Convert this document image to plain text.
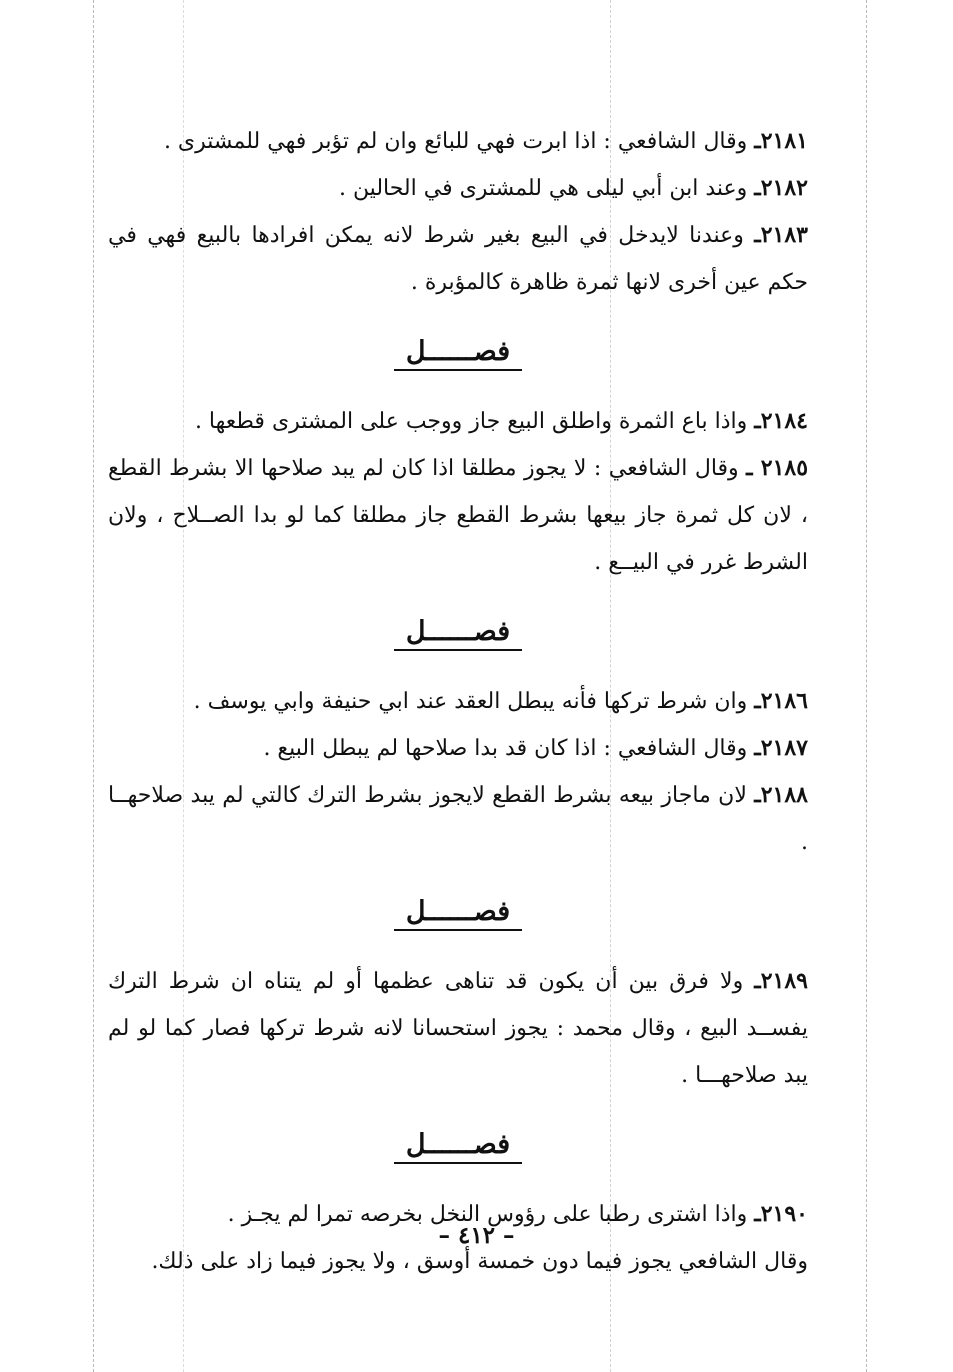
٢١٨١ـ وقال الشافعي : اذا ابرت فهي للبائع وان لم تؤبر فهي للمشترى .

٢١٨٢ـ وعند ابن أبي ليلى هي للمشترى في الحالين .

٢١٨٣ـ وعندنا لايدخل في البيع بغير شرط لانه يمكن افرادها بالبيع فهي في حكم عين أخرى لانها ثمرة ظاهرة كالمؤبرة .

فصــــــل

٢١٨٤ـ واذا باع الثمرة واطلق البيع جاز ووجب على المشترى قطعها .

٢١٨٥ ـ وقال الشافعي : لا يجوز مطلقا اذا كان لم يبد صلاحها الا بشرط القطع ، لان كل ثمرة جاز بيعها بشرط القطع جاز مطلقا كما لو بدا الصــلاح ، ولان الشرط غرر في البيــع .

فصــــــل

٢١٨٦ـ وان شرط تركها فأنه يبطل العقد عند ابي حنيفة وابي يوسف .

٢١٨٧ـ وقال الشافعي : اذا كان قد بدا صلاحها لم يبطل البيع .

٢١٨٨ـ لان ماجاز بيعه بشرط القطع لايجوز بشرط الترك كالتي لم يبد صلاحهــا .

فصــــــل

٢١٨٩ـ ولا فرق بين أن يكون قد تناهى عظمها أو لم يتناه ان شرط الترك يفســد البيع ، وقال محمد : يجوز استحسانا لانه شرط تركها فصار كما لو لم يبد صلاحهـــا .

فصــــــل

٢١٩٠ـ واذا اشترى رطبا على رؤوس النخل بخرصه تمرا لم يجـز .

وقال الشافعي يجوز فيما دون خمسة أوسق ، ولا يجوز فيما زاد على ذلك.

– ٤١٢ –
